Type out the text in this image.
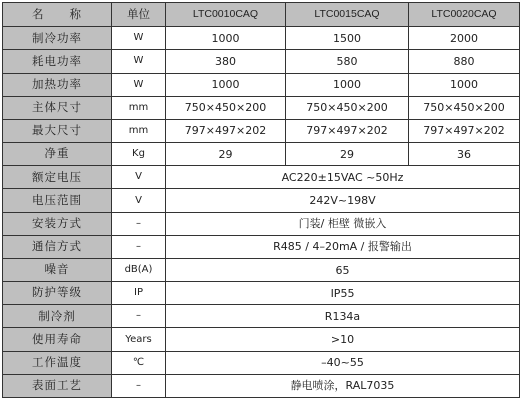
名　　称	单位	LTC0010CAQ	LTC0015CAQ	LTC0020CAQ
制冷功率	W	1000	1500	2000
耗电功率	W	380	580	880
加热功率	W	1000	1000	1000
主体尺寸	mm	750×450×200	750×450×200	750×450×200
最大尺寸	mm	797×497×202	797×497×202	797×497×202
净重	Kg	29	29	36
额定电压	V	AC220±15VAC ~50Hz		
电压范围	V	242V~198V		
安装方式	–	门装/ 柜壁 微嵌入		
通信方式	–	R485 / 4–20mA / 报警输出		
噪音	dB(A)	65		
防护等级	IP	IP55		
制冷剂	–	R134a		
使用寿命	Years	>10		
工作温度	℃	–40~55		
表面工艺	–	静电喷涂，RAL7035		
